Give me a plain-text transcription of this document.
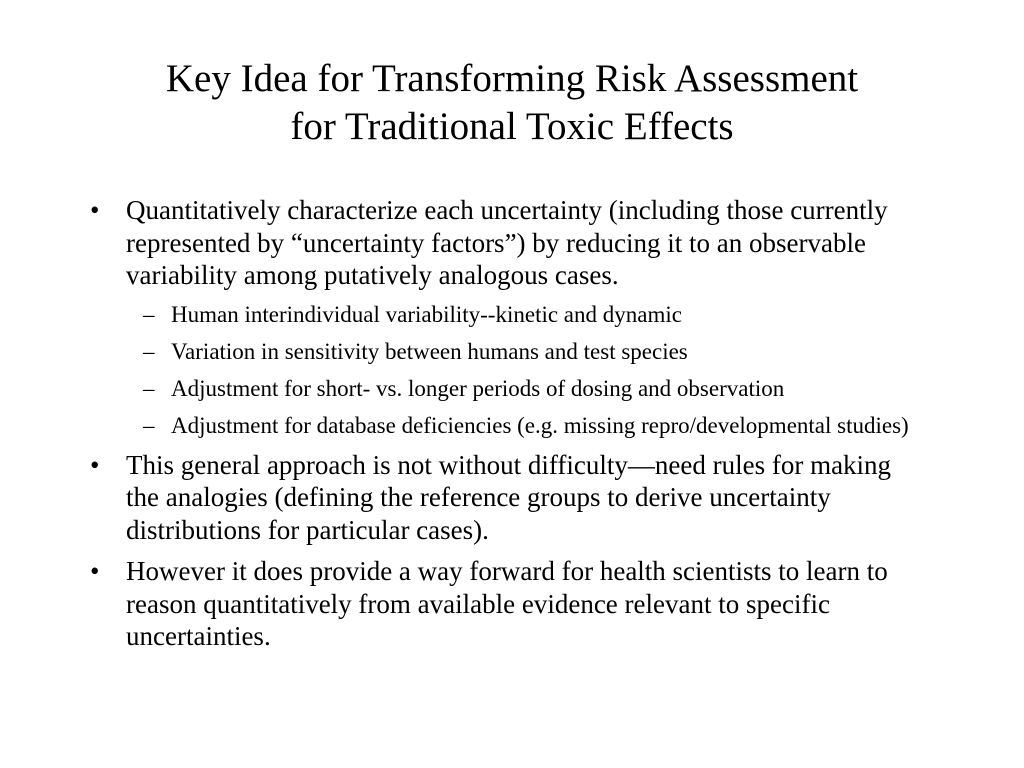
Key Idea for Transforming Risk Assessment
for Traditional Toxic Effects
• Quantitatively characterize each uncertainty (including those currently represented by “uncertainty factors”) by reducing it to an observable variability among putatively analogous cases.
– Human interindividual variability--kinetic and dynamic
– Variation in sensitivity between humans and test species
– Adjustment for short- vs. longer periods of dosing and observation
– Adjustment for database deficiencies (e.g. missing repro/developmental studies)
• This general approach is not without difficulty—need rules for making the analogies (defining the reference groups to derive uncertainty distributions for particular cases).
• However it does provide a way forward for health scientists to learn to reason quantitatively from available evidence relevant to specific uncertainties.
